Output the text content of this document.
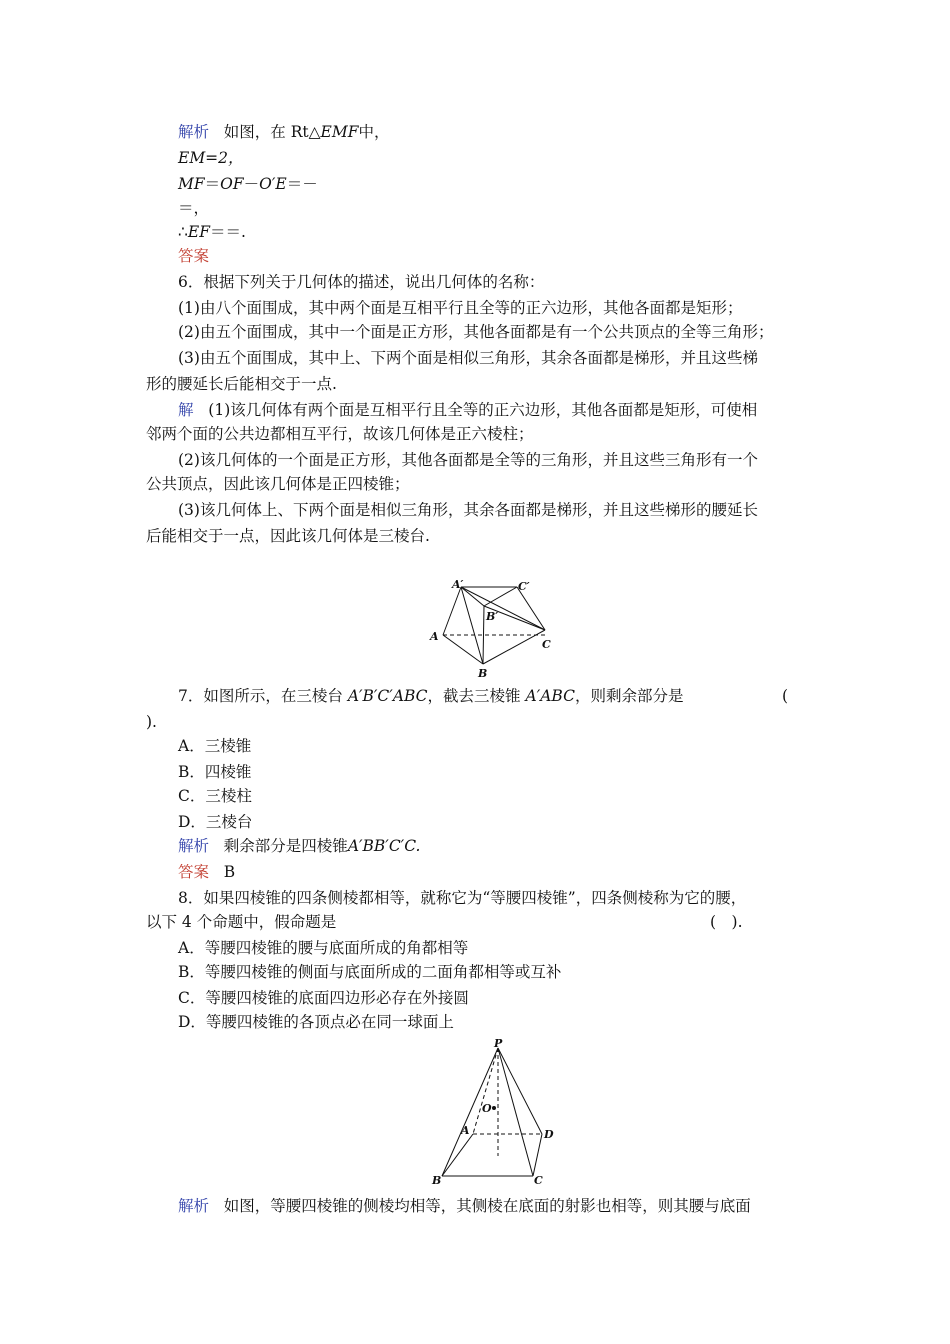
解析 如图，在 Rt△EMF中，
EM=2，
MF＝OF－O′E＝－
＝，
∴EF＝＝.
答案
6．根据下列关于几何体的描述，说出几何体的名称：
(1)由八个面围成，其中两个面是互相平行且全等的正六边形，其他各面都是矩形；
(2)由五个面围成，其中一个面是正方形，其他各面都是有一个公共顶点的全等三角形；
(3)由五个面围成，其中上、下两个面是相似三角形，其余各面都是梯形，并且这些梯
形的腰延长后能相交于一点.
解 (1)该几何体有两个面是互相平行且全等的正六边形，其他各面都是矩形，可使相
邻两个面的公共边都相互平行，故该几何体是正六棱柱；
(2)该几何体的一个面是正方形，其他各面都是全等的三角形，并且这些三角形有一个
公共顶点，因此该几何体是正四棱锥；
(3)该几何体上、下两个面是相似三角形，其余各面都是梯形，并且这些梯形的腰延长
后能相交于一点，因此该几何体是三棱台.
A′	C′
B′
A
C
B
7．如图所示，在三棱台 A′B′C′ABC，截去三棱锥 A′ABC，则剩余部分是	(
).
A．三棱锥
B．四棱锥
C．三棱柱
D．三棱台
解析 剩余部分是四棱锥A′BB′C′C.
答案 B
8．如果四棱锥的四条侧棱都相等，就称它为“等腰四棱锥”，四条侧棱称为它的腰，
以下 4 个命题中，假命题是	(　).
A．等腰四棱锥的腰与底面所成的角都相等
B．等腰四棱锥的侧面与底面所成的二面角都相等或互补
C．等腰四棱锥的底面四边形必存在外接圆
D．等腰四棱锥的各顶点必在同一球面上
P
O
A	D
B	C
解析 如图，等腰四棱锥的侧棱均相等，其侧棱在底面的射影也相等，则其腰与底面
